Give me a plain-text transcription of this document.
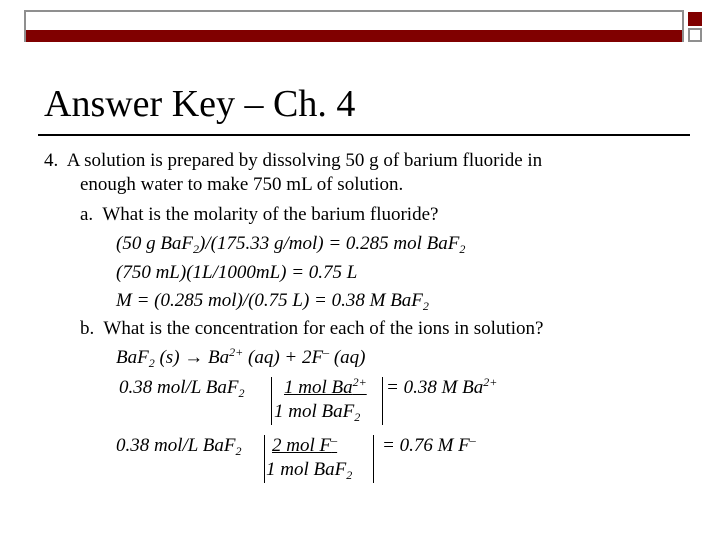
Answer Key – Ch. 4
4. A solution is prepared by dissolving 50 g of barium fluoride in
enough water to make 750 mL of solution.
a. What is the molarity of the barium fluoride?
(50 g BaF$_2$)/(175.33 g/mol) = 0.285 mol BaF$_2$
(750 mL)(1L/1000mL) = 0.75 L
M = (0.285 mol)/(0.75 L) = 0.38 M BaF$_2$
b. What is the concentration for each of the ions in solution?
BaF$_2$ $(s) \to Ba^{2+}$ (aq) + 2F– (aq)
0.38 mol/L BaF$_2$ 1 mol $Ba^{2+} = 0.38$ M $Ba^{2+}$
1 mol BaF$_2$
0.38 mol/L BaF$_2$ 2 mol F– = 0.76 M F–
1 mol BaF$_2$
